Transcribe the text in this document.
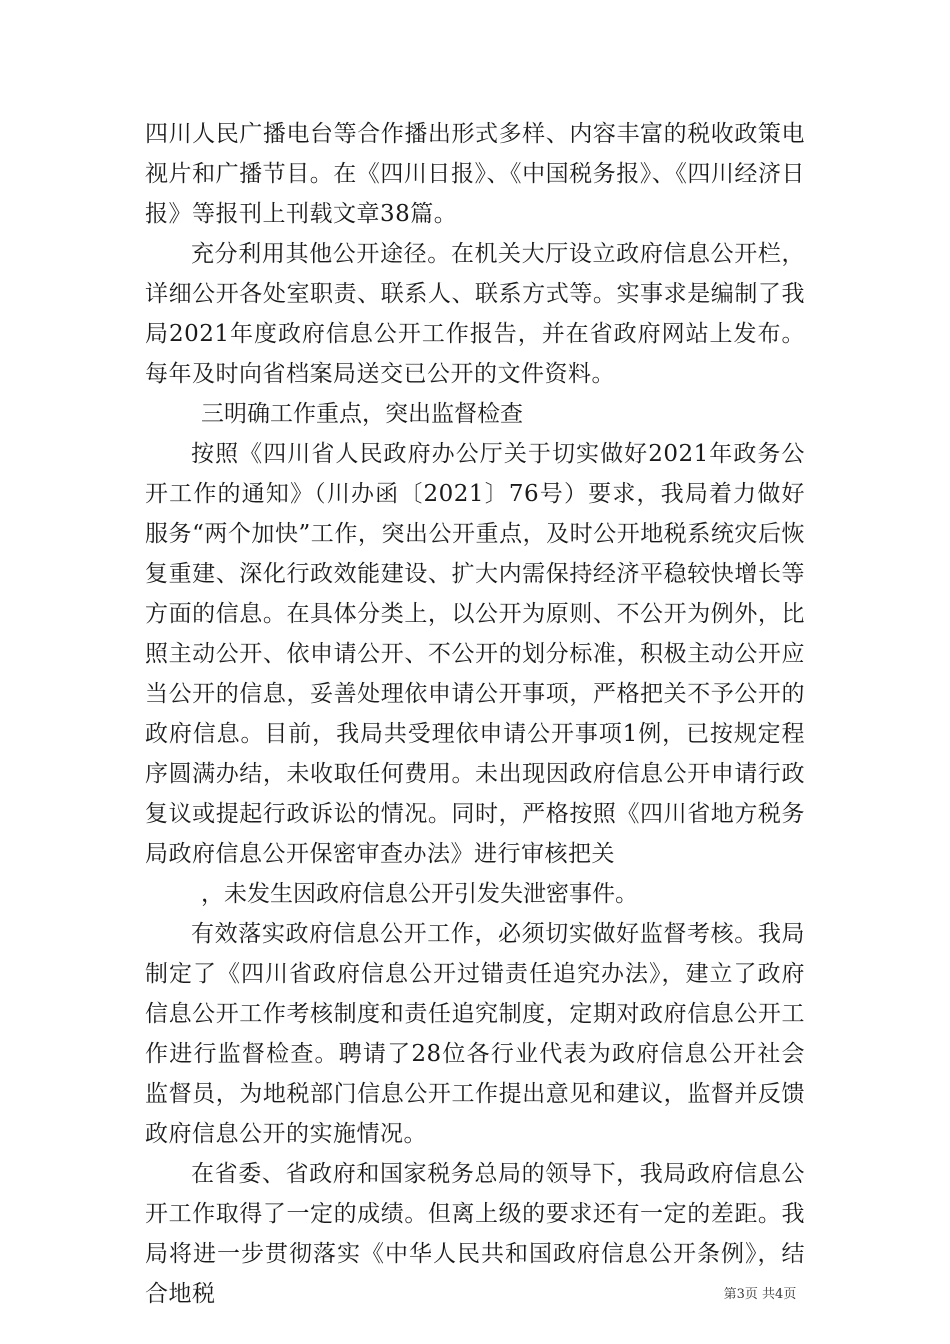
四川人民广播电台等合作播出形式多样、内容丰富的税收政策电视片和广播节目。在《四川日报》、《中国税务报》、《四川经济日报》等报刊上刊载文章38篇。

充分利用其他公开途径。在机关大厅设立政府信息公开栏，详细公开各处室职责、联系人、联系方式等。实事求是编制了我局2021年度政府信息公开工作报告，并在省政府网站上发布。每年及时向省档案局送交已公开的文件资料。

三明确工作重点，突出监督检查

按照《四川省人民政府办公厅关于切实做好2021年政务公开工作的通知》（川办函〔2021〕76号）要求，我局着力做好服务“两个加快”工作，突出公开重点，及时公开地税系统灾后恢复重建、深化行政效能建设、扩大内需保持经济平稳较快增长等方面的信息。在具体分类上，以公开为原则、不公开为例外，比照主动公开、依申请公开、不公开的划分标准，积极主动公开应当公开的信息，妥善处理依申请公开事项，严格把关不予公开的政府信息。目前，我局共受理依申请公开事项1例，已按规定程序圆满办结，未收取任何费用。未出现因政府信息公开申请行政复议或提起行政诉讼的情况。同时，严格按照《四川省地方税务局政府信息公开保密审查办法》进行审核把关

，未发生因政府信息公开引发失泄密事件。

有效落实政府信息公开工作，必须切实做好监督考核。我局制定了《四川省政府信息公开过错责任追究办法》，建立了政府信息公开工作考核制度和责任追究制度，定期对政府信息公开工作进行监督检查。聘请了28位各行业代表为政府信息公开社会监督员，为地税部门信息公开工作提出意见和建议，监督并反馈政府信息公开的实施情况。

在省委、省政府和国家税务总局的领导下，我局政府信息公开工作取得了一定的成绩。但离上级的要求还有一定的差距。我局将进一步贯彻落实《中华人民共和国政府信息公开条例》，结合地税	第3页 共4页
